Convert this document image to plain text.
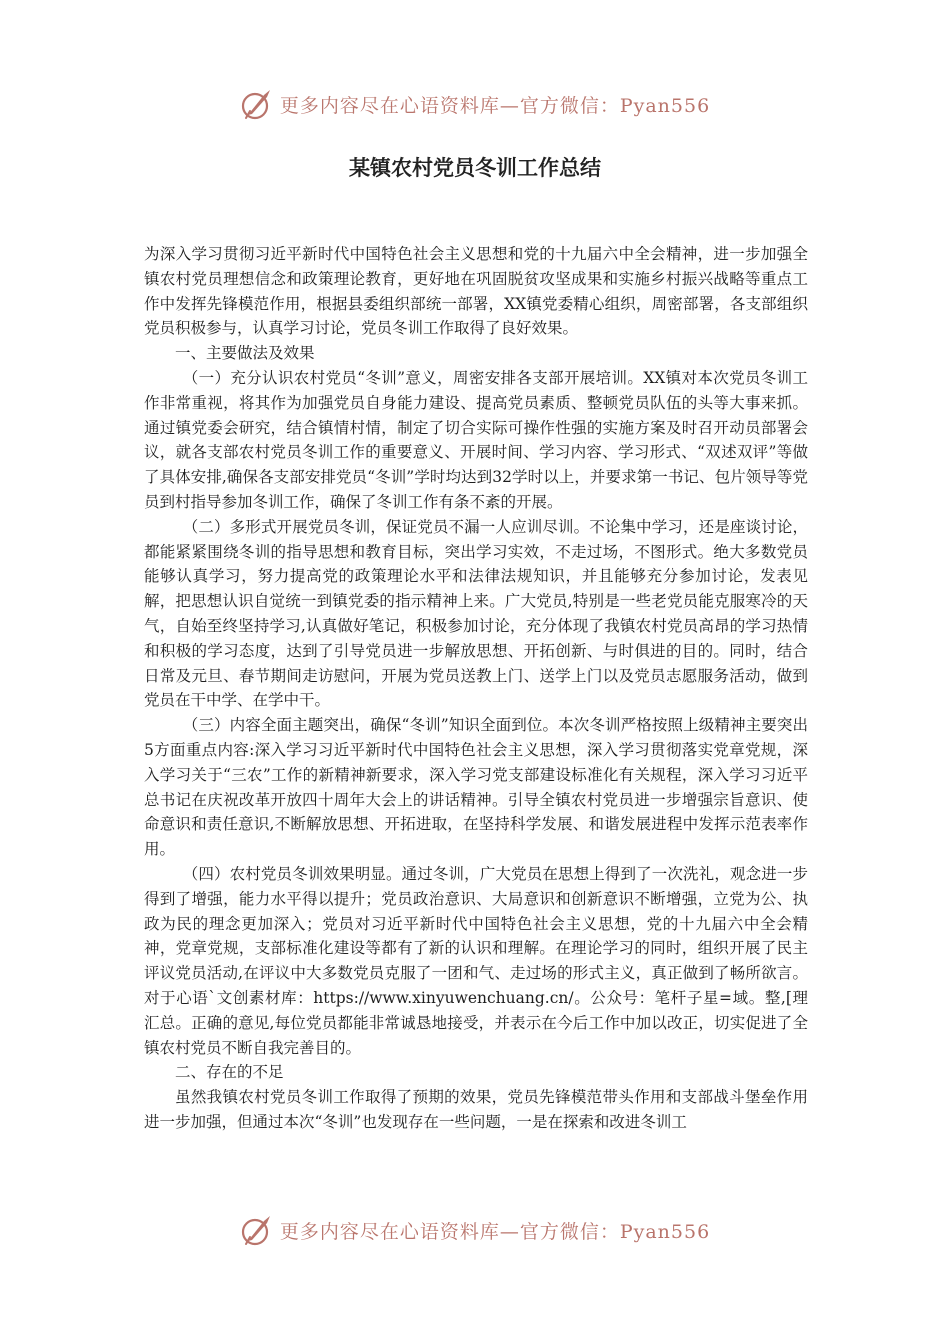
更多内容尽在心语资料库—官方微信：Pyan556
某镇农村党员冬训工作总结

为深入学习贯彻习近平新时代中国特色社会主义思想和党的十九届六中全会精神，进一步加强全镇农村党员理想信念和政策理论教育，更好地在巩固脱贫攻坚成果和实施乡村振兴战略等重点工作中发挥先锋模范作用，根据县委组织部统一部署，XX镇党委精心组织，周密部署，各支部组织党员积极参与，认真学习讨论，党员冬训工作取得了良好效果。

一、主要做法及效果

（一）充分认识农村党员“冬训”意义，周密安排各支部开展培训。XX镇对本次党员冬训工作非常重视，将其作为加强党员自身能力建设、提高党员素质、整顿党员队伍的头等大事来抓。通过镇党委会研究，结合镇情村情，制定了切合实际可操作性强的实施方案及时召开动员部署会议，就各支部农村党员冬训工作的重要意义、开展时间、学习内容、学习形式、“双述双评”等做了具体安排,确保各支部安排党员“冬训”学时均达到32学时以上，并要求第一书记、包片领导等党员到村指导参加冬训工作，确保了冬训工作有条不紊的开展。

（二）多形式开展党员冬训，保证党员不漏一人应训尽训。不论集中学习，还是座谈讨论，都能紧紧围绕冬训的指导思想和教育目标，突出学习实效，不走过场，不图形式。绝大多数党员能够认真学习，努力提高党的政策理论水平和法律法规知识，并且能够充分参加讨论，发表见解，把思想认识自觉统一到镇党委的指示精神上来。广大党员,特别是一些老党员能克服寒冷的天气，自始至终坚持学习,认真做好笔记，积极参加讨论，充分体现了我镇农村党员高昂的学习热情和积极的学习态度，达到了引导党员进一步解放思想、开拓创新、与时俱进的目的。同时，结合日常及元旦、春节期间走访慰问，开展为党员送教上门、送学上门以及党员志愿服务活动，做到党员在干中学、在学中干。

（三）内容全面主题突出，确保“冬训”知识全面到位。本次冬训严格按照上级精神主要突出5方面重点内容:深入学习习近平新时代中国特色社会主义思想，深入学习贯彻落实党章党规，深入学习关于“三农”工作的新精神新要求，深入学习党支部建设标准化有关规程，深入学习习近平总书记在庆祝改革开放四十周年大会上的讲话精神。引导全镇农村党员进一步增强宗旨意识、使命意识和责任意识,不断解放思想、开拓进取，在坚持科学发展、和谐发展进程中发挥示范表率作用。

（四）农村党员冬训效果明显。通过冬训，广大党员在思想上得到了一次洗礼，观念进一步得到了增强，能力水平得以提升；党员政治意识、大局意识和创新意识不断增强，立党为公、执政为民的理念更加深入；党员对习近平新时代中国特色社会主义思想，党的十九届六中全会精神，党章党规，支部标准化建设等都有了新的认识和理解。在理论学习的同时，组织开展了民主评议党员活动,在评议中大多数党员克服了一团和气、走过场的形式主义，真正做到了畅所欲言。对于心语`文创素材库：https://www.xinyuwenchuang.cn/。公众号：笔杆子星=域。整,[理汇总。正确的意见,每位党员都能非常诚恳地接受，并表示在今后工作中加以改正，切实促进了全镇农村党员不断自我完善目的。

二、存在的不足

虽然我镇农村党员冬训工作取得了预期的效果，党员先锋模范带头作用和支部战斗堡垒作用进一步加强，但通过本次“冬训”也发现存在一些问题，一是在探索和改进冬训工

更多内容尽在心语资料库—官方微信：Pyan556
